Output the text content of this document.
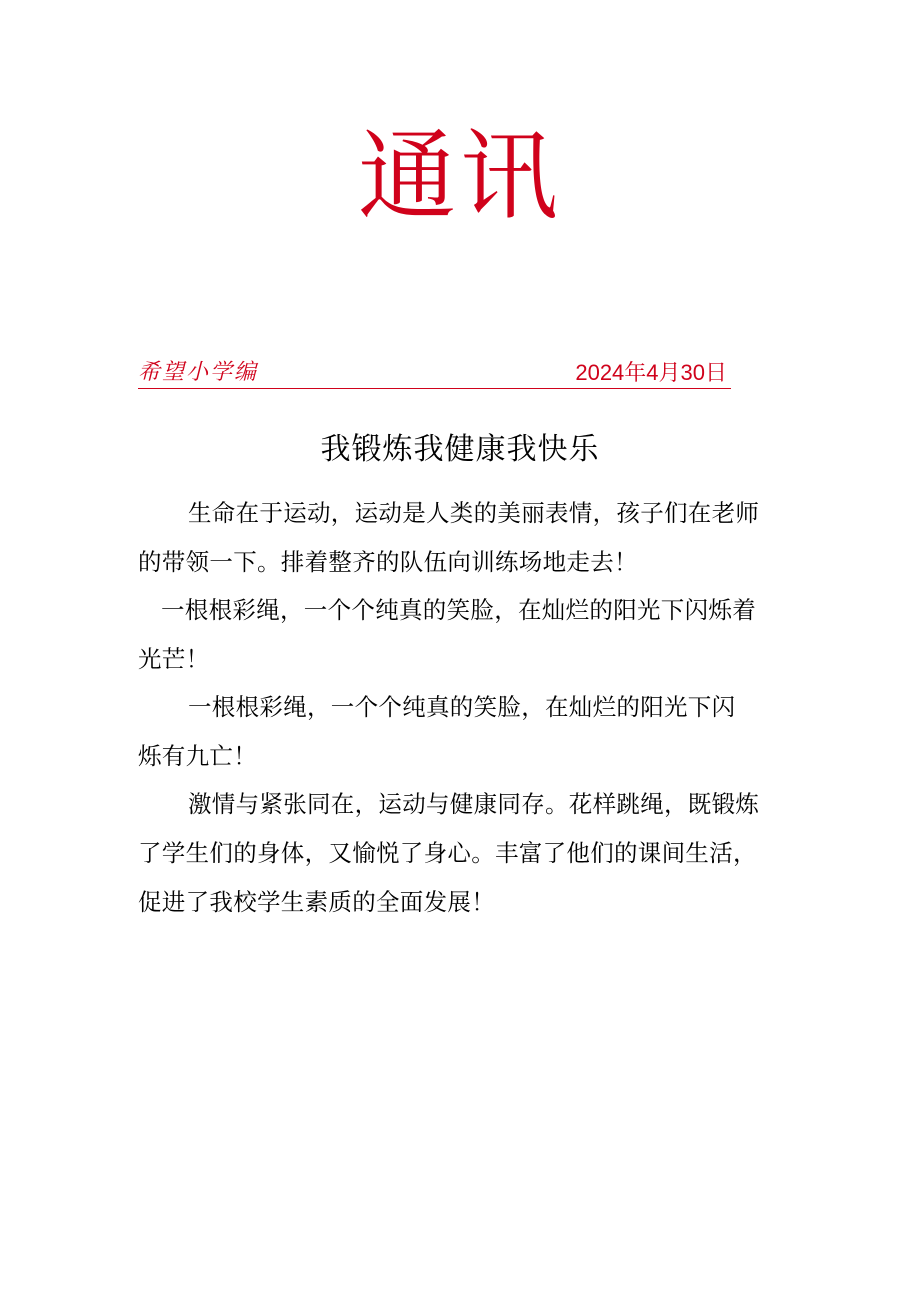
通讯
希望小学编	2024年4月30日
我锻炼我健康我快乐

生命在于运动，运动是人类的美丽表情，孩子们在老师的带领一下。排着整齐的队伍向训练场地走去！

一根根彩绳，一个个纯真的笑脸，在灿烂的阳光下闪烁着光芒！

一根根彩绳，一个个纯真的笑脸，在灿烂的阳光下闪烁有九亡！

激情与紧张同在，运动与健康同存。花样跳绳，既锻炼了学生们的身体，又愉悦了身心。丰富了他们的课间生活，促进了我校学生素质的全面发展！
